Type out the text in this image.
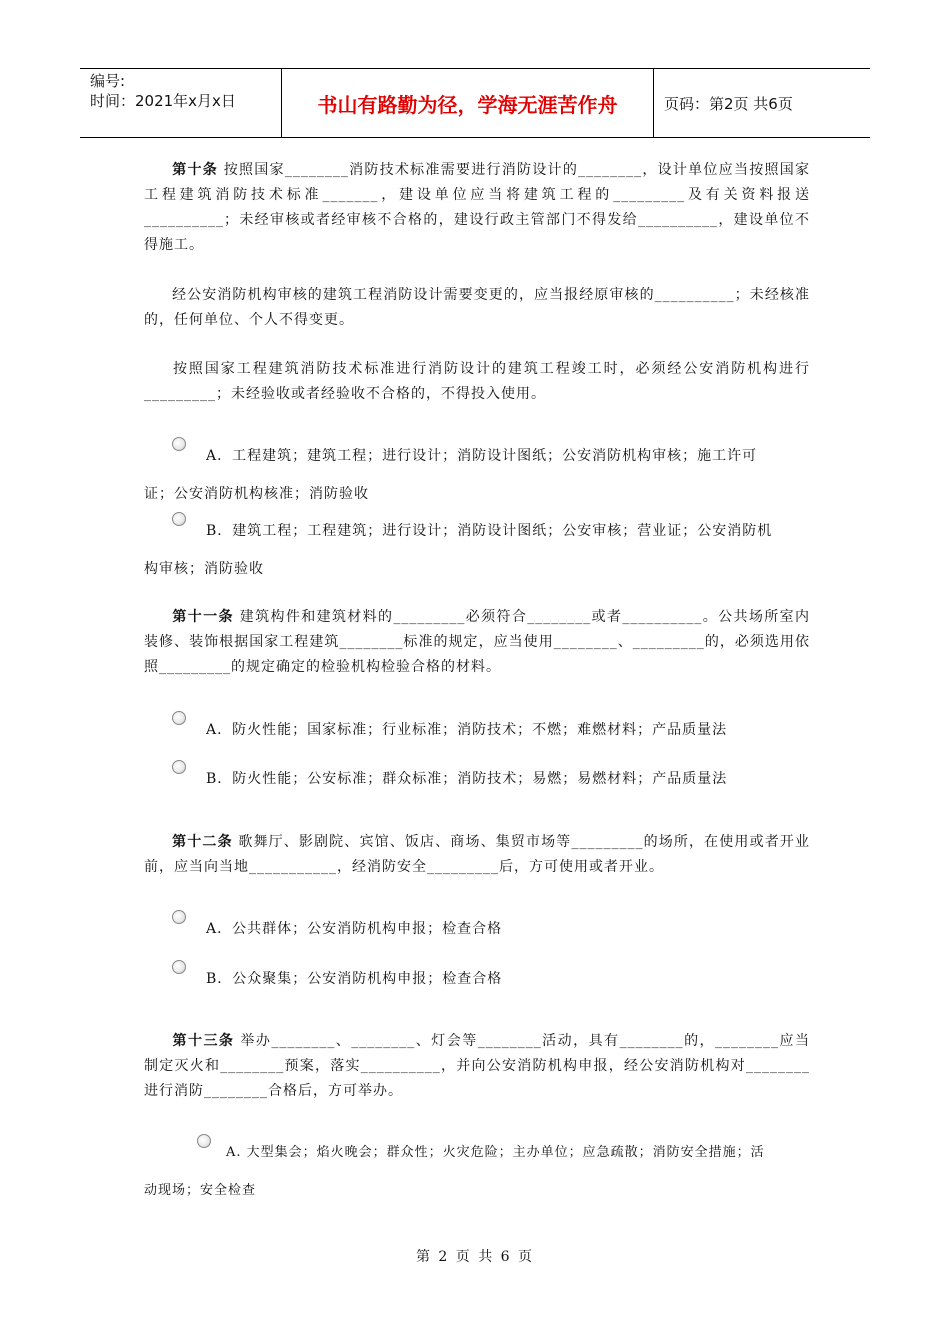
编号:
时间：2021年x月x日	书山有路勤为径，学海无涯苦作舟	页码：第2页 共6页
第十条 按照国家________消防技术标准需要进行消防设计的________，设计单位应当按照国家工程建筑消防技术标准_______，建设单位应当将建筑工程的_________及有关资料报送__________；未经审核或者经审核不合格的，建设行政主管部门不得发给__________，建设单位不得施工。
经公安消防机构审核的建筑工程消防设计需要变更的，应当报经原审核的__________；未经核准的，任何单位、个人不得变更。
按照国家工程建筑消防技术标准进行消防设计的建筑工程竣工时，必须经公安消防机构进行_________；未经验收或者经验收不合格的，不得投入使用。
A．工程建筑；建筑工程；进行设计；消防设计图纸；公安消防机构审核；施工许可
证；公安消防机构核准；消防验收
B．建筑工程；工程建筑；进行设计；消防设计图纸；公安审核；营业证；公安消防机
构审核；消防验收
第十一条 建筑构件和建筑材料的_________必须符合________或者__________。公共场所室内装修、装饰根据国家工程建筑________标准的规定，应当使用________、_________的，必须选用依照_________的规定确定的检验机构检验合格的材料。
A．防火性能；国家标准；行业标准；消防技术；不燃；难燃材料；产品质量法
B．防火性能；公安标准；群众标准；消防技术；易燃；易燃材料；产品质量法
第十二条 歌舞厅、影剧院、宾馆、饭店、商场、集贸市场等_________的场所，在使用或者开业前，应当向当地___________，经消防安全_________后，方可使用或者开业。
A．公共群体；公安消防机构申报；检查合格
B．公众聚集；公安消防机构申报；检查合格
第十三条 举办________、________、灯会等________活动，具有________的，________应当制定灭火和________预案，落实__________，并向公安消防机构申报，经公安消防机构对________进行消防________合格后，方可举办。
A. 大型集会；焰火晚会；群众性；火灾危险；主办单位；应急疏散；消防安全措施；活
动现场；安全检查
第 2 页 共 6 页
